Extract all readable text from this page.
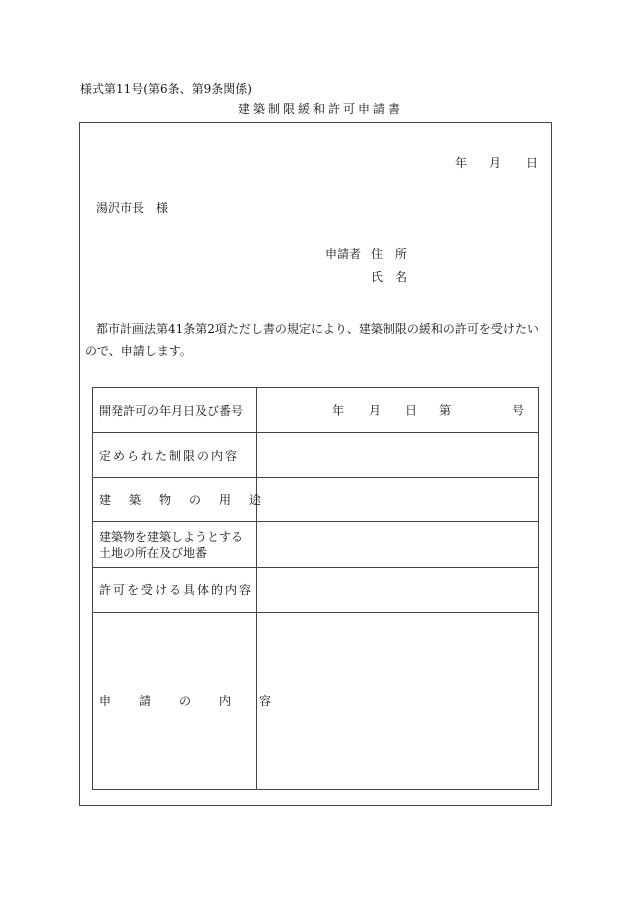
様式第11号(第6条、第9条関係)
建築制限緩和許可申請書
年 月 日
湯沢市長　様
申請者 住　所
氏　名
都市計画法第41条第2項ただし書の規定により、建築制限の緩和の許可を受けたいので、申請します。
開発許可の年月日及び番号	年 月 日 第 号

定められた制限の内容	
建築物の用途	

建築物を建築しようとする
土地の所在及び地番	

許可を受ける具体的内容	
申請の内容	
